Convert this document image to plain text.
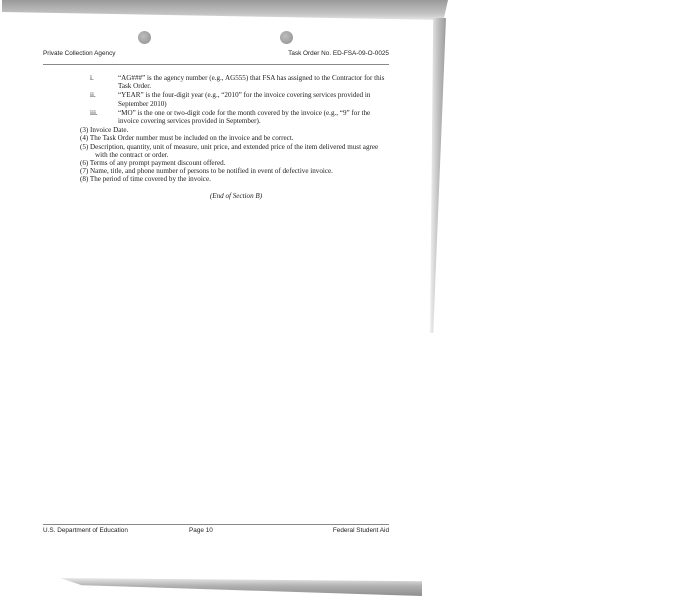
Private Collection Agency	Task Order No. ED-FSA-09-O-0025
i.	“AG###” is the agency number (e.g., AG555) that FSA has assigned to the Contractor for this Task Order.
ii.	“YEAR” is the four-digit year (e.g., “2010” for the invoice covering services provided in September 2010)
iii.	“MO” is the one or two-digit code for the month covered by the invoice (e.g., “9” for the invoice covering services provided in September).
(3) Invoice Date.
(4) The Task Order number must be included on the invoice and be correct.
(5) Description, quantity, unit of measure, unit price, and extended price of the item delivered must agree with the contract or order.
(6) Terms of any prompt payment discount offered.
(7) Name, title, and phone number of persons to be notified in event of defective invoice.
(8) The period of time covered by the invoice.
(End of Section B)
U.S. Department of Education	Page 10	Federal Student Aid
